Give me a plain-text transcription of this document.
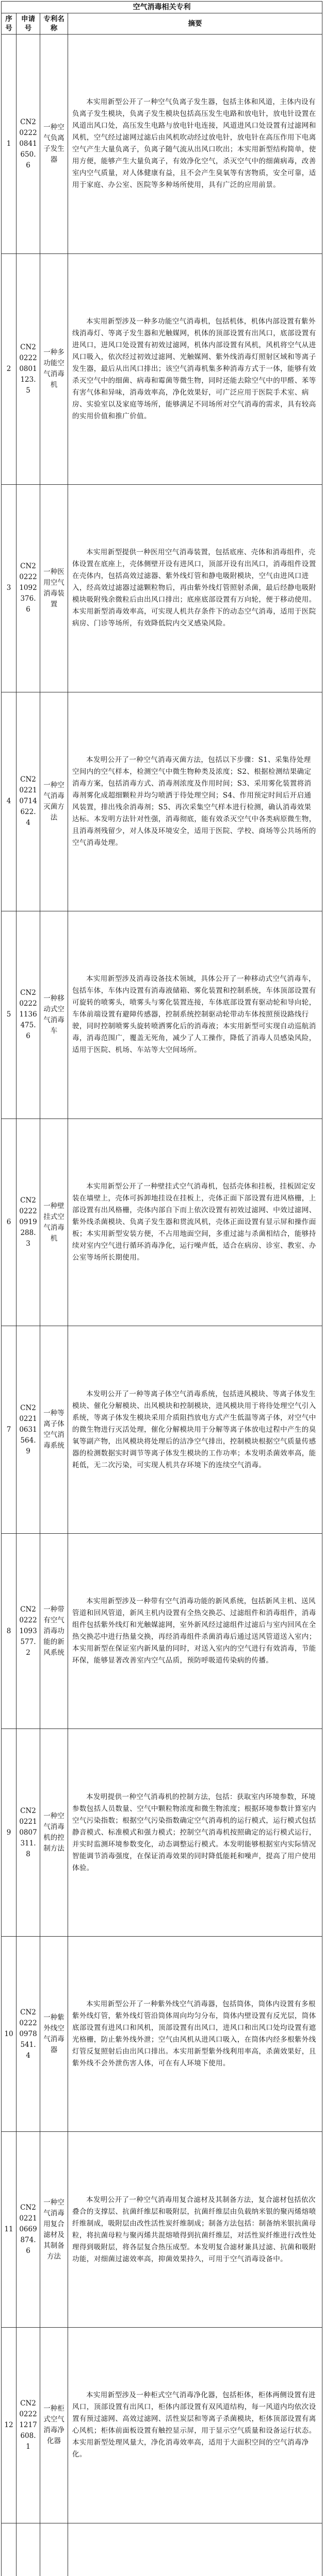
空气消毒相关专利			
序号	申请号	专利名称	摘要
1	CN202220841650.6	一种空气负离子发生器	本实用新型公开了一种空气负离子发生器，包括主体和风道，主体内设有负离子发生模块，负离子发生模块包括高压发生电路和放电针，放电针设置在风道出风口处，高压发生电路与放电针电连接，风道进风口处设置有过滤网和风机，空气经过滤网过滤后由风机吹动经过放电针，放电针在高压作用下电离空气产生大量负离子，负离子随气流从出风口吹出；本实用新型结构简单，使用方便，能够产生大量负离子，有效净化空气，杀灭空气中的细菌病毒，改善室内空气质量，对人体健康有益，且不会产生臭氧等有害物质，安全可靠，适用于家庭、办公室、医院等多种场所使用，具有广泛的应用前景。
2	CN202220801123.5	一种多功能空气消毒机	本实用新型涉及一种多功能空气消毒机，包括机体，机体内部设置有紫外线消毒灯、等离子发生器和光触媒网，机体的顶部设置有出风口，底部设置有进风口，进风口处设置有初效过滤网，机体内部设置有风机，风机将空气从进风口吸入，依次经过初效过滤网、光触媒网、紫外线消毒灯照射区域和等离子发生器，最后从出风口排出；该空气消毒机集多种消毒方式于一体，能够有效杀灭空气中的细菌、病毒和霉菌等微生物，同时还能去除空气中的甲醛、苯等有害气体和异味，消毒效率高，净化效果好，可广泛应用于医院手术室、病房、实验室以及家庭等场所，能够满足不同场所对空气消毒的需求，具有较高的实用价值和推广价值。
3	CN202221092376.6	一种医用空气消毒装置	本实用新型提供一种医用空气消毒装置，包括底座、壳体和消毒组件，壳体设置在底座上，壳体侧壁开设有进风口，顶部开设有出风口，消毒组件设置在壳体内，包括高效过滤器、紫外线灯管和静电吸附模块，空气由进风口进入，经高效过滤器过滤颗粒物后，再由紫外线灯管照射杀菌，最后经静电吸附模块吸附残余微粒后由出风口排出；底座底部设置有万向轮，便于移动使用。本实用新型消毒效率高，可实现人机共存条件下的动态空气消毒，适用于医院病房、门诊等场所，有效降低院内交叉感染风险。
4	CN202210714622.4	一种空气消毒灭菌方法	本发明公开了一种空气消毒灭菌方法，包括以下步骤：S1、采集待处理空间内的空气样本，检测空气中微生物种类及浓度；S2、根据检测结果确定消毒方案，包括消毒方式、消毒剂浓度及作用时间；S3、采用雾化装置将消毒剂雾化成超细颗粒并均匀喷洒于待处理空间；S4、作用预定时间后开启通风装置，排出残余消毒剂；S5、再次采集空气样本进行检测，确认消毒效果达标。本发明方法针对性强，消毒彻底，能有效杀灭空气中各类病原微生物，且消毒剂残留少，对人体及环境安全，适用于医院、学校、商场等公共场所的空气消毒处理。
5	CN202221136475.6	一种移动式空气消毒车	本实用新型涉及消毒设备技术领域，具体公开了一种移动式空气消毒车，包括车体，车体内设置有消毒液储箱、雾化装置和控制系统，车体顶部设置有可旋转的喷雾头，喷雾头与雾化装置连接，车体底部设置有驱动轮和导向轮，车体前端设置有避障传感器，控制系统控制驱动轮带动车体按照预设路线行驶，同时控制喷雾头旋转喷洒雾化后的消毒液；本实用新型可实现自动巡航消毒，消毒范围广，覆盖无死角，减少了人工操作，降低了消毒人员感染风险，适用于医院、机场、车站等大空间场所。
6	CN202220919288.3	一种壁挂式空气消毒机	本实用新型公开了一种壁挂式空气消毒机，包括壳体和挂板，挂板固定安装在墙壁上，壳体可拆卸地挂设在挂板上，壳体正面下部设置有进风格栅，上部设置有出风格栅，壳体内部自下而上依次设置有初效过滤网、中效过滤网、紫外线杀菌模块、负离子发生器和贯流风机，壳体正面设置有显示屏和操作面板；本实用新型安装方便，不占用地面空间，多重过滤与杀菌相结合，能够持续对室内空气进行循环消毒净化，运行噪声低，适合在病房、诊室、教室、办公室等场所长期使用。
7	CN202210631564.9	一种等离子体空气消毒系统	本发明公开了一种等离子体空气消毒系统，包括进风模块、等离子体发生模块、催化分解模块、出风模块和控制模块，进风模块用于将待处理空气引入系统，等离子体发生模块采用介质阻挡放电方式产生低温等离子体，对空气中的微生物进行灭活处理，催化分解模块用于分解等离子体放电过程中产生的臭氧等副产物，出风模块将处理后的洁净空气排出，控制模块根据空气质量传感器的检测数据实时调节等离子体发生模块的工作功率；本发明杀菌效率高，能耗低，无二次污染，可实现人机共存环境下的连续空气消毒。
8	CN202221093577.2	一种带有空气消毒功能的新风系统	本实用新型涉及一种带有空气消毒功能的新风系统，包括新风主机、送风管道和回风管道，新风主机内设置有全热交换芯、过滤组件和消毒组件，消毒组件包括紫外线灯和光触媒滤网，室外新风经过滤组件过滤后与室内回风在全热交换芯中进行热量交换，再经消毒组件杀菌消毒后通过送风管道送入室内；本实用新型在保证室内新风量的同时，对送入室内的空气进行有效消毒，节能环保，能够显著改善室内空气品质，预防呼吸道传染病的传播。
9	CN202210807311.8	一种空气消毒机的控制方法	本发明提供一种空气消毒机的控制方法，包括：获取室内环境参数，环境参数包括人员数量、空气中颗粒物浓度和微生物浓度；根据环境参数计算室内空气污染指数；根据空气污染指数确定空气消毒机的运行模式，运行模式包括静音模式、标准模式和强力模式；控制空气消毒机按照确定的运行模式运行，并实时监测环境参数变化，动态调整运行模式。本发明能够根据室内实际情况智能调节消毒强度，在保证消毒效果的同时降低能耗和噪声，提高了用户使用体验。
10	CN202220978541.4	一种紫外线空气消毒器	本实用新型公开了一种紫外线空气消毒器，包括筒体，筒体内设置有多根紫外线灯管，紫外线灯管沿筒体周向均匀分布，筒体内壁设置有反光层，筒体底部设置有进风口和风机，顶部设置有出风口，进风口和出风口处均设置有遮光格栅，防止紫外线外泄；空气由风机从进风口吸入，在筒体内经多根紫外线灯管反复照射后由出风口排出。本实用新型紫外线利用率高，杀菌效果好，且紫外线不会外泄伤害人体，可在有人环境下使用。
11	CN202210669874.6	一种空气消毒用复合滤材及其制备方法	本发明公开了一种空气消毒用复合滤材及其制备方法，复合滤材包括依次叠合的支撑层、抗菌纤维层和吸附层，抗菌纤维层由负载纳米银的聚丙烯熔喷纤维制成，吸附层由改性活性炭纤维制成；制备方法包括：制备纳米银抗菌母粒，将抗菌母粒与聚丙烯共混熔喷得到抗菌纤维层，对活性炭纤维进行改性处理得到吸附层，将各层复合热压成型。本发明复合滤材兼具过滤、抗菌和吸附功能，对细菌过滤效率高，抑菌效果持久，可用于空气消毒设备中。
12	CN202221217608.1	一种柜式空气消毒净化器	本实用新型涉及一种柜式空气消毒净化器，包括柜体，柜体两侧设置有进风口，顶部设置有出风口，柜体内部设置有双风道结构，每一风道内均依次设置有预过滤网、高效过滤网、活性炭层和等离子杀菌模块，柜体顶部设置有离心风机；柜体前面板设置有触控显示屏，用于显示空气质量和设备运行状态。本实用新型处理风量大，净化消毒效率高，适用于大面积空间的空气消毒净化。
